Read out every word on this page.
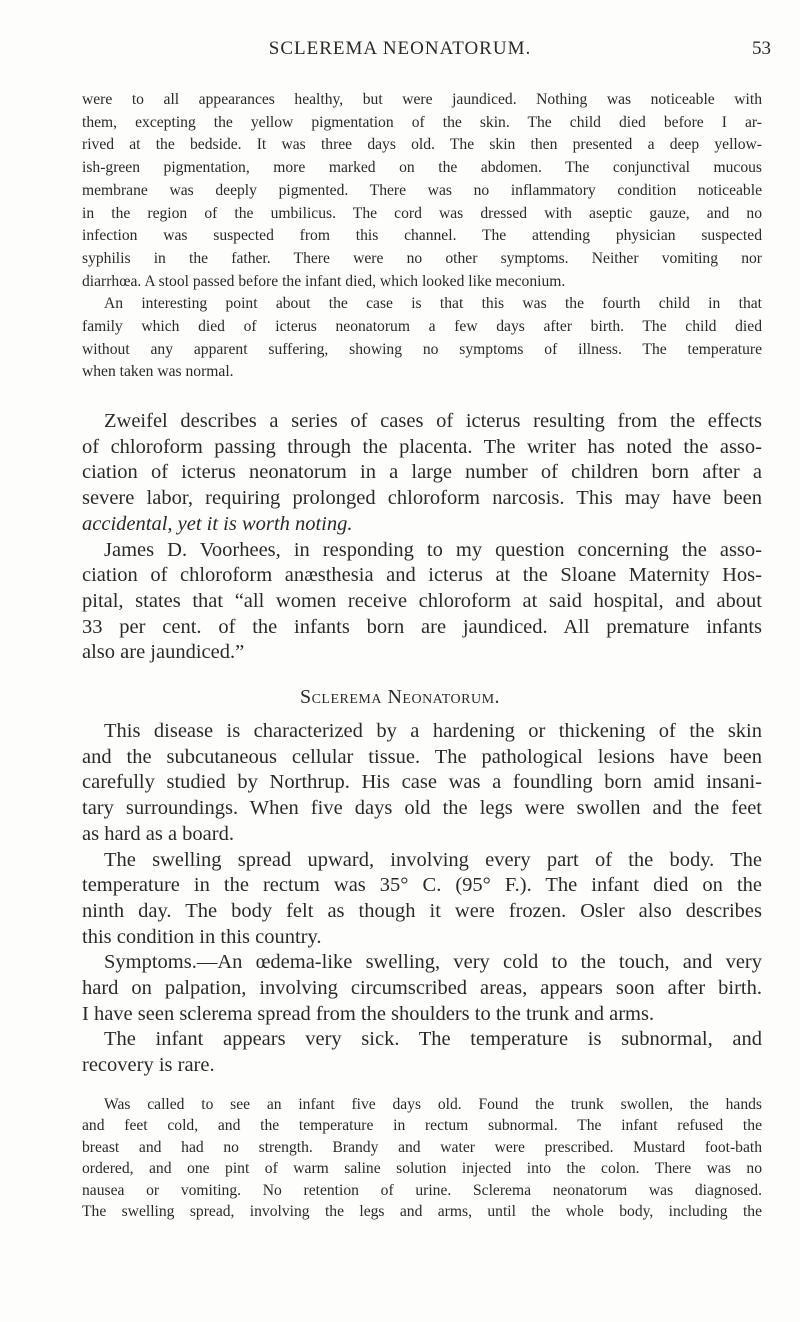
SCLEREMA NEONATORUM.	53
were to all appearances healthy, but were jaundiced. Nothing was noticeable with
them, excepting the yellow pigmentation of the skin. The child died before I ar-
rived at the bedside. It was three days old. The skin then presented a deep yellow-
ish-green pigmentation, more marked on the abdomen. The conjunctival mucous
membrane was deeply pigmented. There was no inflammatory condition noticeable
in the region of the umbilicus. The cord was dressed with aseptic gauze, and no
infection was suspected from this channel. The attending physician suspected
syphilis in the father. There were no other symptoms. Neither vomiting nor
diarrhœa. A stool passed before the infant died, which looked like meconium.
An interesting point about the case is that this was the fourth child in that
family which died of icterus neonatorum a few days after birth. The child died
without any apparent suffering, showing no symptoms of illness. The temperature
when taken was normal.
Zweifel describes a series of cases of icterus resulting from the effects
of chloroform passing through the placenta. The writer has noted the asso-
ciation of icterus neonatorum in a large number of children born after a
severe labor, requiring prolonged chloroform narcosis. This may have been
accidental, yet it is worth noting.
James D. Voorhees, in responding to my question concerning the asso-
ciation of chloroform anæsthesia and icterus at the Sloane Maternity Hos-
pital, states that “all women receive chloroform at said hospital, and about
33 per cent. of the infants born are jaundiced. All premature infants
also are jaundiced.”
Sclerema Neonatorum.
This disease is characterized by a hardening or thickening of the skin
and the subcutaneous cellular tissue. The pathological lesions have been
carefully studied by Northrup. His case was a foundling born amid insani-
tary surroundings. When five days old the legs were swollen and the feet
as hard as a board.
The swelling spread upward, involving every part of the body. The
temperature in the rectum was 35° C. (95° F.). The infant died on the
ninth day. The body felt as though it were frozen. Osler also describes
this condition in this country.
Symptoms.—An œdema-like swelling, very cold to the touch, and very
hard on palpation, involving circumscribed areas, appears soon after birth.
I have seen sclerema spread from the shoulders to the trunk and arms.
The infant appears very sick. The temperature is subnormal, and
recovery is rare.
Was called to see an infant five days old. Found the trunk swollen, the hands
and feet cold, and the temperature in rectum subnormal. The infant refused the
breast and had no strength. Brandy and water were prescribed. Mustard foot-bath
ordered, and one pint of warm saline solution injected into the colon. There was no
nausea or vomiting. No retention of urine. Sclerema neonatorum was diagnosed.
The swelling spread, involving the legs and arms, until the whole body, including the
